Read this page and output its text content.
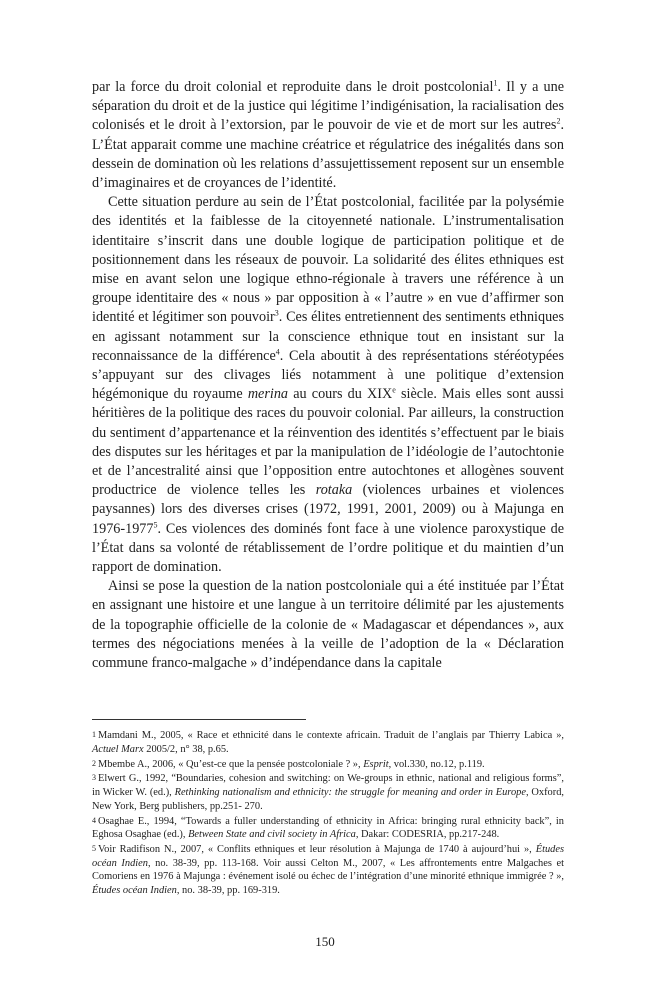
par la force du droit colonial et reproduite dans le droit postcolonial$^1$. Il y a une séparation du droit et de la justice qui légitime l’indigénisation, la racialisation des colonisés et le droit à l’extorsion, par le pouvoir de vie et de mort sur les autres$^2$. L’État apparait comme une machine créatrice et régulatrice des inégalités dans son dessein de domination où les relations d’assujettissement reposent sur un ensemble d’imaginaires et de croyances de l’identité.

Cette situation perdure au sein de l’État postcolonial, facilitée par la polysémie des identités et la faiblesse de la citoyenneté nationale. L’instrumentalisation identitaire s’inscrit dans une double logique de participation politique et de positionnement dans les réseaux de pouvoir. La solidarité des élites ethniques est mise en avant selon une logique ethno-régionale à travers une référence à un groupe identitaire des « nous » par opposition à « l’autre » en vue d’affirmer son identité et légitimer son pouvoir$^3$. Ces élites entretiennent des sentiments ethniques en agissant notamment sur la conscience ethnique tout en insistant sur la reconnaissance de la différence$^4$. Cela aboutit à des représentations stéréotypées s’appuyant sur des clivages liés notamment à une politique d’extension hégémonique du royaume merina au cours du XIXe siècle. Mais elles sont aussi héritières de la politique des races du pouvoir colonial. Par ailleurs, la construction du sentiment d’appartenance et la réinvention des identités s’effectuent par le biais des disputes sur les héritages et par la manipulation de l’idéologie de l’autochtonie et de l’ancestralité ainsi que l’opposition entre autochtones et allogènes souvent productrice de violence telles les rotaka (violences urbaines et violences paysannes) lors des diverses crises (1972, 1991, 2001, 2009) ou à Majunga en 1976-1977$^5$. Ces violences des dominés font face à une violence paroxystique de l’État dans sa volonté de rétablissement de l’ordre politique et du maintien d’un rapport de domination.

Ainsi se pose la question de la nation postcoloniale qui a été instituée par l’État en assignant une histoire et une langue à un territoire délimité par les ajustements de la topographie officielle de la colonie de « Madagascar et dépendances », aux termes des négociations menées à la veille de l’adoption de la « Déclaration commune franco-malgache » d’indépendance dans la capitale

1 Mamdani M., 2005, « Race et ethnicité dans le contexte africain. Traduit de l’anglais par Thierry Labica », Actuel Marx 2005/2, n° 38, p.65.

2 Mbembe A., 2006, « Qu’est-ce que la pensée postcoloniale ? », Esprit, vol.330, no.12, p.119.

3 Elwert G., 1992, “Boundaries, cohesion and switching: on We-groups in ethnic, national and religious forms”, in Wicker W. (ed.), Rethinking nationalism and ethnicity: the struggle for meaning and order in Europe, Oxford, New York, Berg publishers, pp.251- 270.

4 Osaghae E., 1994, “Towards a fuller understanding of ethnicity in Africa: bringing rural ethnicity back”, in Eghosa Osaghae (ed.), Between State and civil society in Africa, Dakar: CODESRIA, pp.217-248.

5 Voir Radifison N., 2007, « Conflits ethniques et leur résolution à Majunga de 1740 à aujourd’hui », Études océan Indien, no. 38-39, pp. 113-168. Voir aussi Celton M., 2007, « Les affrontements entre Malgaches et Comoriens en 1976 à Majunga : événement isolé ou échec de l’intégration d’une minorité ethnique immigrée ? », Études océan Indien, no. 38-39, pp. 169-319.

150
